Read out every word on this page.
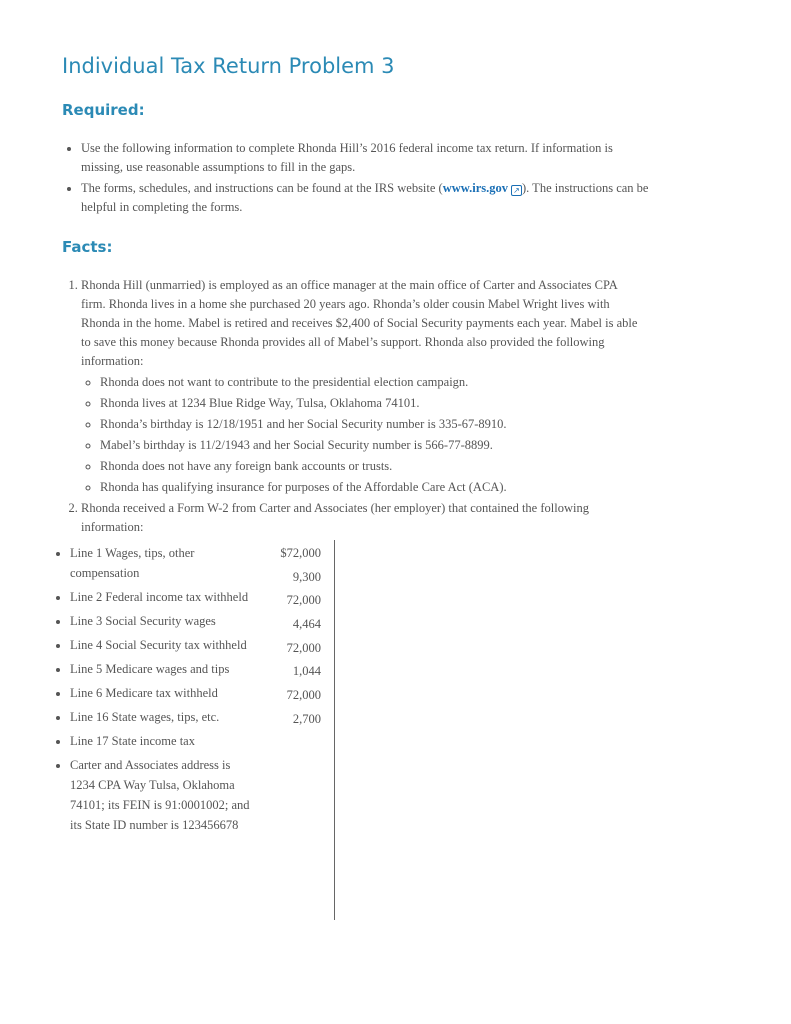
Individual Tax Return Problem 3
Required:
• Use the following information to complete Rhonda Hill’s 2016 federal income tax return. If information is missing, use reasonable assumptions to fill in the gaps.
• The forms, schedules, and instructions can be found at the IRS website (www.irs.gov ↗ ). The instructions can be helpful in completing the forms.
Facts:
1. Rhonda Hill (unmarried) is employed as an office manager at the main office of Carter and Associates CPA firm. Rhonda lives in a home she purchased 20 years ago. Rhonda’s older cousin Mabel Wright lives with Rhonda in the home. Mabel is retired and receives $2,400 of Social Security payments each year. Mabel is able to save this money because Rhonda provides all of Mabel’s support. Rhonda also provided the following information:
◦ Rhonda does not want to contribute to the presidential election campaign.
◦ Rhonda lives at 1234 Blue Ridge Way, Tulsa, Oklahoma 74101.
◦ Rhonda’s birthday is 12/18/1951 and her Social Security number is 335-67-8910.
◦ Mabel’s birthday is 11/2/1943 and her Social Security number is 566-77-8899.
◦ Rhonda does not have any foreign bank accounts or trusts.
◦ Rhonda has qualifying insurance for purposes of the Affordable Care Act (ACA).
2. Rhonda received a Form W-2 from Carter and Associates (her employer) that contained the following information:
• Line 1 Wages, tips, other compensation
• Line 2 Federal income tax withheld
• Line 3 Social Security wages
• Line 4 Social Security tax withheld
• Line 5 Medicare wages and tips
• Line 6 Medicare tax withheld
• Line 16 State wages, tips, etc.
• Line 17 State income tax
• Carter and Associates address is 1234 CPA Way Tulsa, Oklahoma 74101; its FEIN is 91:0001002; and its State ID number is 123456678
$72,000
9,300
72,000
4,464
72,000
1,044
72,000
2,700
